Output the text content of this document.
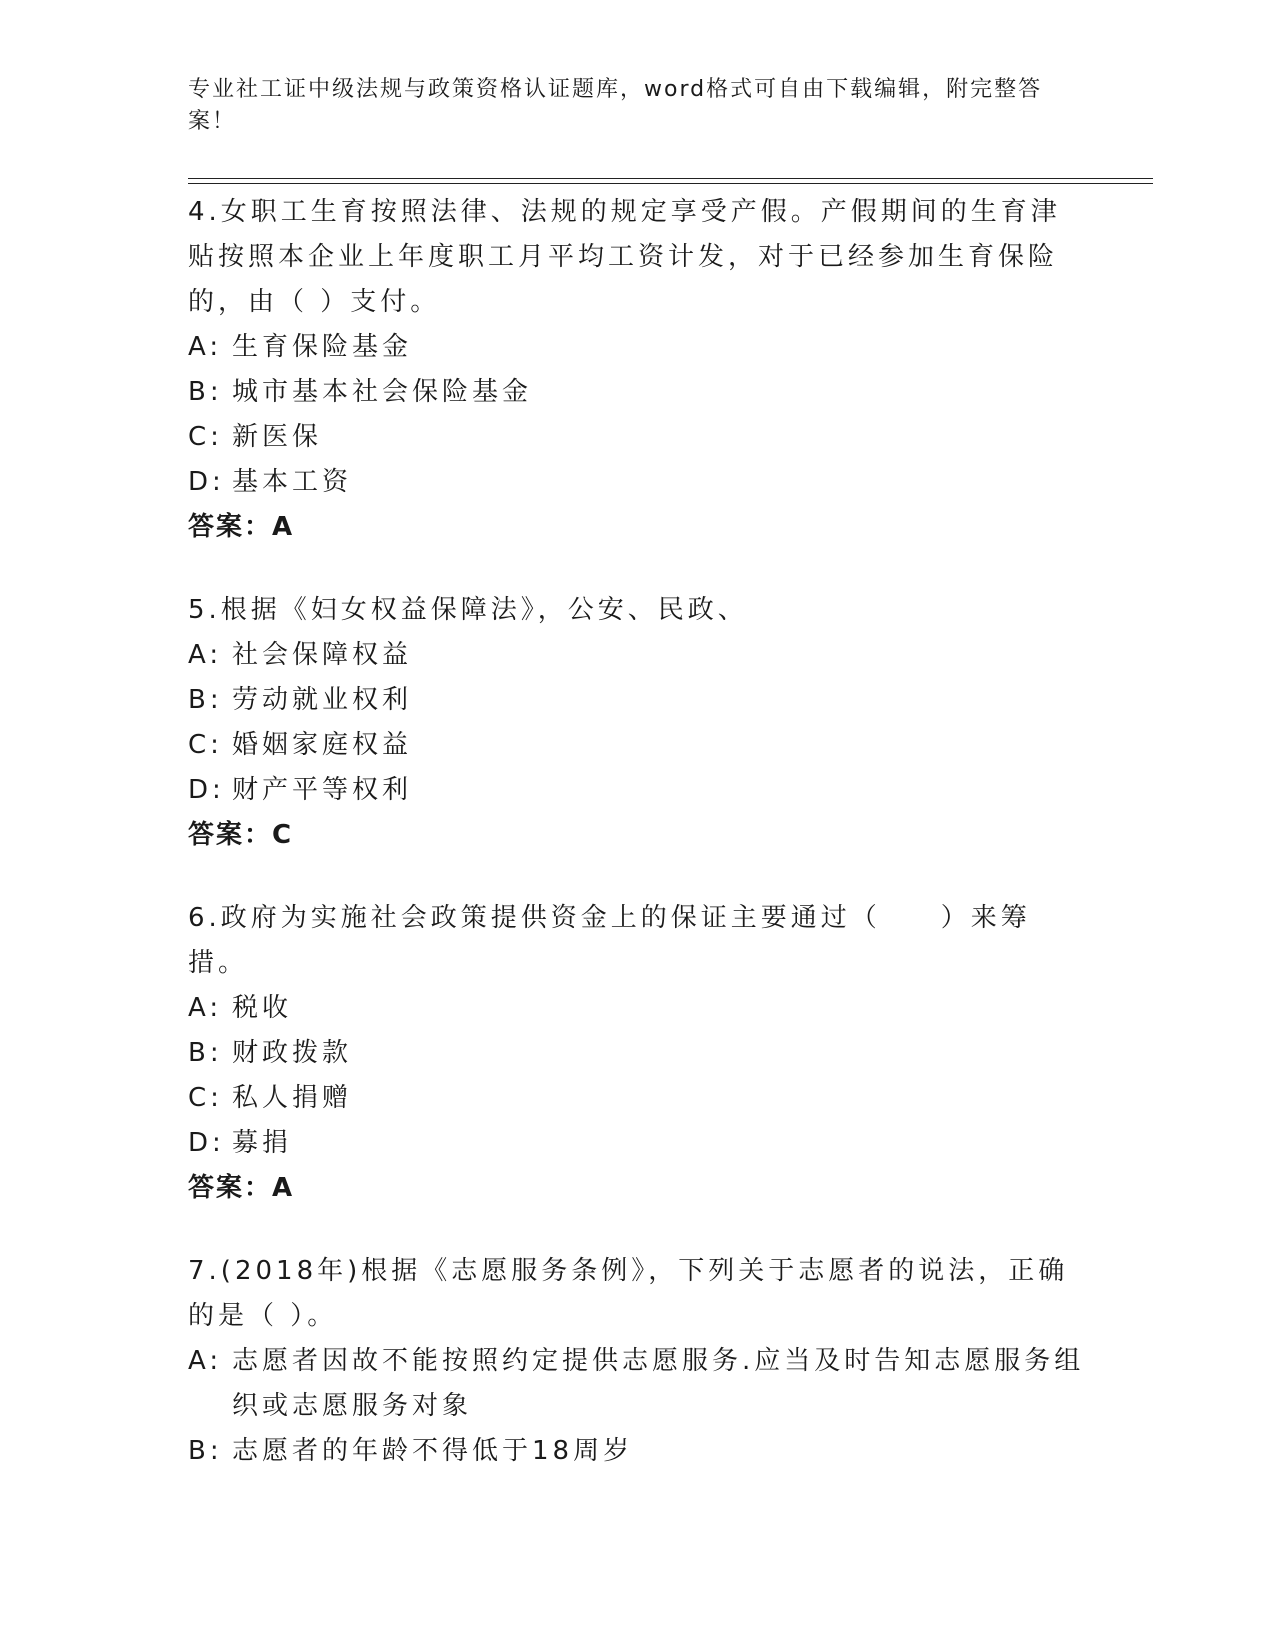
专业社工证中级法规与政策资格认证题库，word格式可自由下载编辑，附完整答案！

4.女职工生育按照法律、法规的规定享受产假。产假期间的生育津贴按照本企业上年度职工月平均工资计发，对于已经参加生育保险的，由（ ）支付。

A: 生育保险基金
B: 城市基本社会保险基金
C: 新医保
D: 基本工资
答案：A

5.根据《妇女权益保障法》，公安、民政、

A: 社会保障权益
B: 劳动就业权利
C: 婚姻家庭权益
D: 财产平等权利
答案：C

6.政府为实施社会政策提供资金上的保证主要通过（　　）来筹措。

A: 税收
B: 财政拨款
C: 私人捐赠
D: 募捐
答案：A

7.(2018年)根据《志愿服务条例》，下列关于志愿者的说法，正确的是（ ）。

A: 志愿者因故不能按照约定提供志愿服务.应当及时告知志愿服务组织或志愿服务对象
B: 志愿者的年龄不得低于18周岁
